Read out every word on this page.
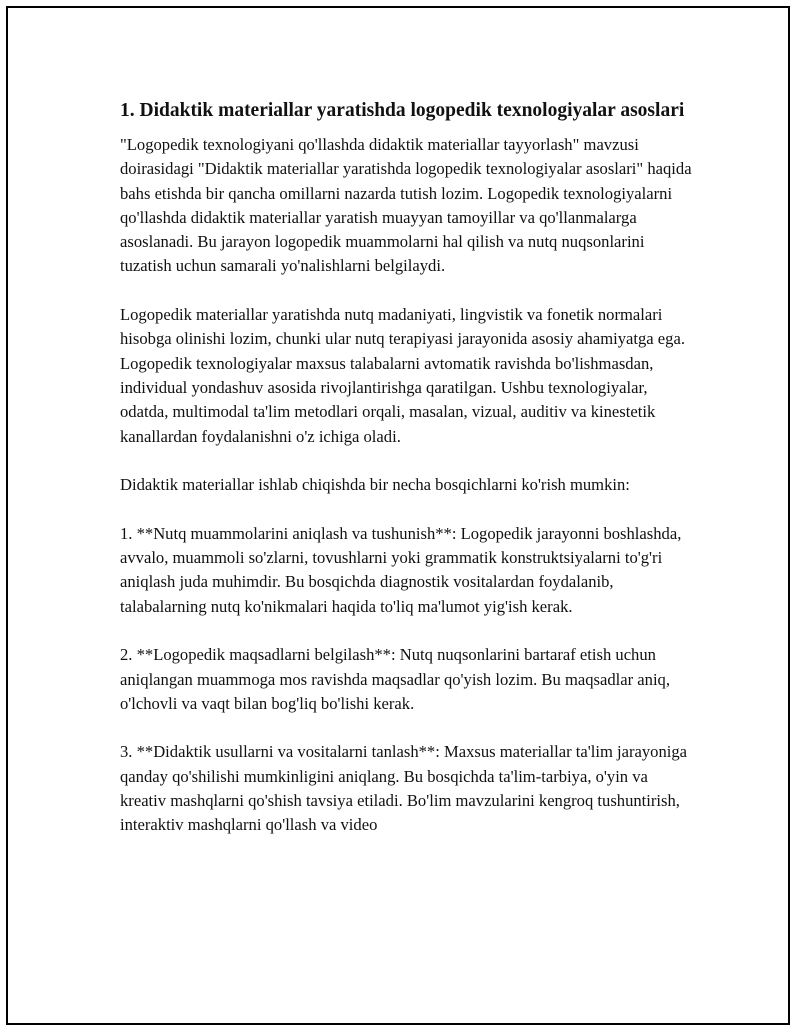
1. Didaktik materiallar yaratishda logopedik texnologiyalar asoslari

"Logopedik texnologiyani qo'llashda didaktik materiallar tayyorlash" mavzusi doirasidagi "Didaktik materiallar yaratishda logopedik texnologiyalar asoslari" haqida bahs etishda bir qancha omillarni nazarda tutish lozim. Logopedik texnologiyalarni qo'llashda didaktik materiallar yaratish muayyan tamoyillar va qo'llanmalarga asoslanadi. Bu jarayon logopedik muammolarni hal qilish va nutq nuqsonlarini tuzatish uchun samarali yo'nalishlarni belgilaydi.

Logopedik materiallar yaratishda nutq madaniyati, lingvistik va fonetik normalari hisobga olinishi lozim, chunki ular nutq terapiyasi jarayonida asosiy ahamiyatga ega. Logopedik texnologiyalar maxsus talabalarni avtomatik ravishda bo'lishmasdan, individual yondashuv asosida rivojlantirishga qaratilgan. Ushbu texnologiyalar, odatda, multimodal ta'lim metodlari orqali, masalan, vizual, auditiv va kinestetik kanallardan foydalanishni o'z ichiga oladi.

Didaktik materiallar ishlab chiqishda bir necha bosqichlarni ko'rish mumkin:

1. **Nutq muammolarini aniqlash va tushunish**: Logopedik jarayonni boshlashda, avvalo, muammoli so'zlarni, tovushlarni yoki grammatik konstruktsiyalarni to'g'ri aniqlash juda muhimdir. Bu bosqichda diagnostik vositalardan foydalanib, talabalarning nutq ko'nikmalari haqida to'liq ma'lumot yig'ish kerak.

2. **Logopedik maqsadlarni belgilash**: Nutq nuqsonlarini bartaraf etish uchun aniqlangan muammoga mos ravishda maqsadlar qo'yish lozim. Bu maqsadlar aniq, o'lchovli va vaqt bilan bog'liq bo'lishi kerak.

3. **Didaktik usullarni va vositalarni tanlash**: Maxsus materiallar ta'lim jarayoniga qanday qo'shilishi mumkinligini aniqlang. Bu bosqichda ta'lim-tarbiya, o'yin va kreativ mashqlarni qo'shish tavsiya etiladi. Bo'lim mavzularini kengroq tushuntirish, interaktiv mashqlarni qo'llash va video
